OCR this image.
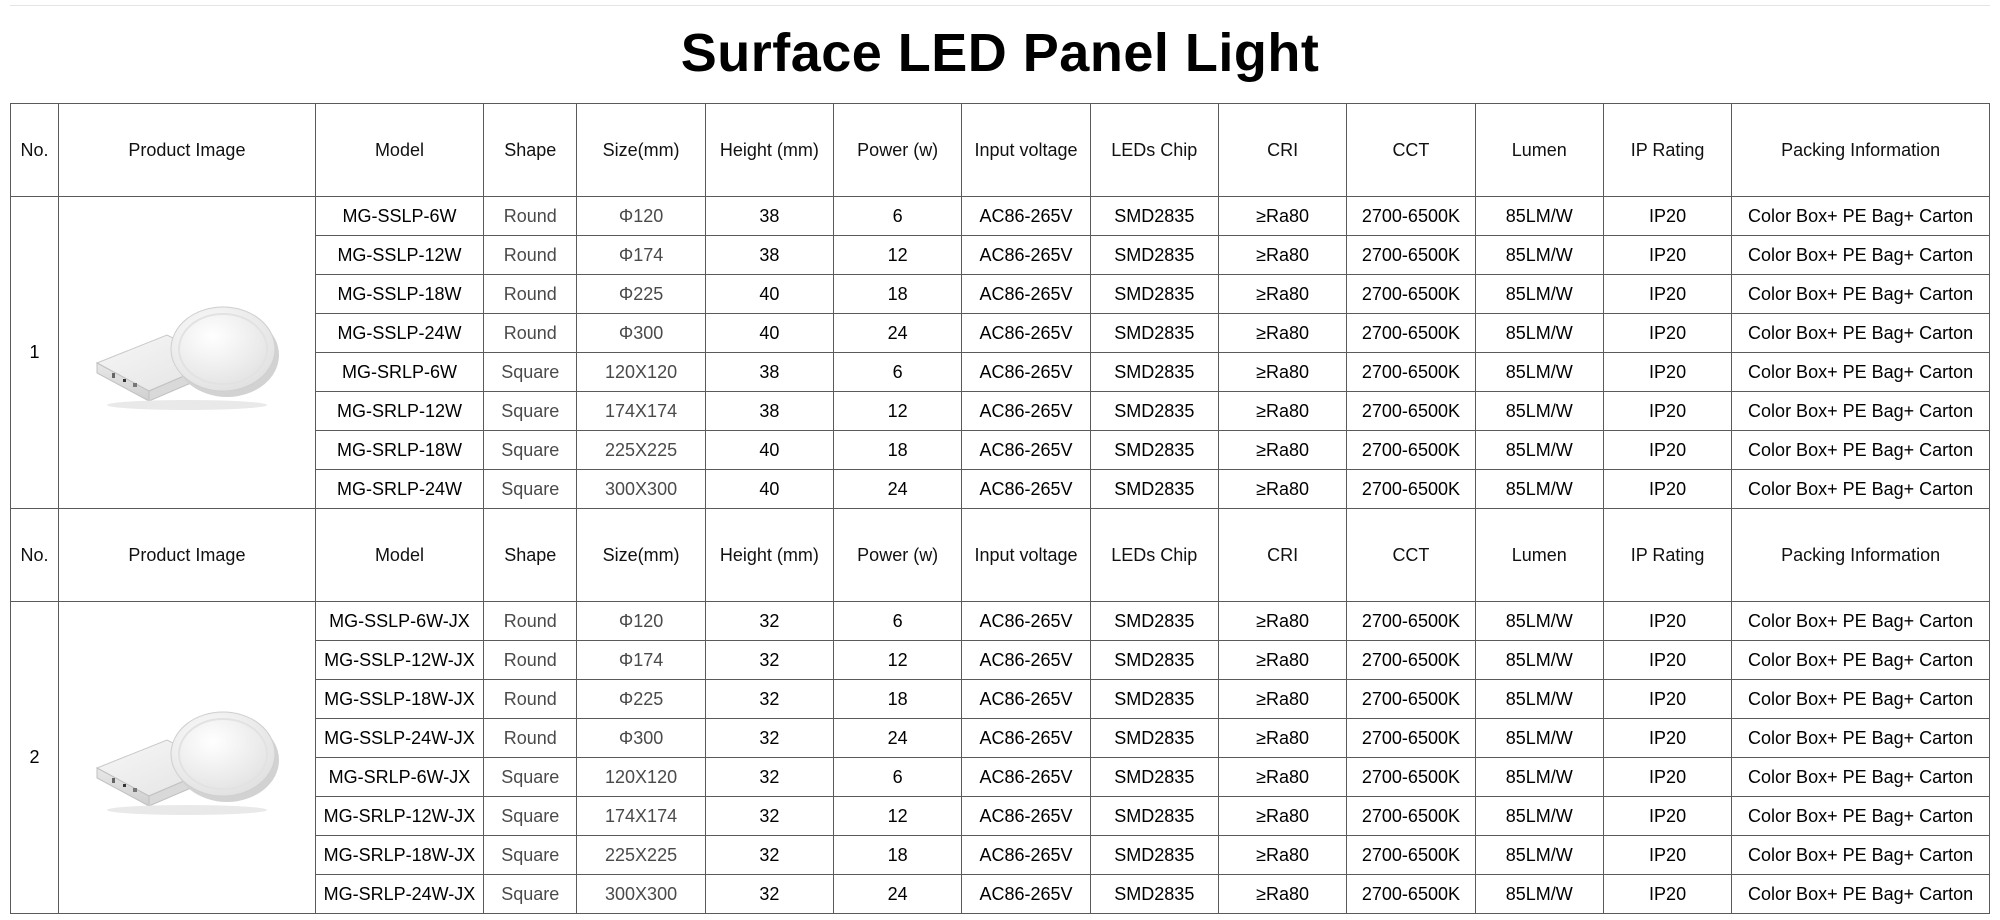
Surface LED Panel Light
No.	Product Image	Model	Shape	Size(mm)	Height (mm)	Power (w)	Input voltage	LEDs Chip	CRI	CCT	Lumen	IP Rating	Packing Information
1		MG-SSLP-6W	Round	Φ120	38	6	AC86-265V	SMD2835	≥Ra80	2700-6500K	85LM/W	IP20	Color Box+ PE Bag+ Carton
		MG-SSLP-12W	Round	Φ174	38	12	AC86-265V	SMD2835	≥Ra80	2700-6500K	85LM/W	IP20	Color Box+ PE Bag+ Carton
		MG-SSLP-18W	Round	Φ225	40	18	AC86-265V	SMD2835	≥Ra80	2700-6500K	85LM/W	IP20	Color Box+ PE Bag+ Carton
		MG-SSLP-24W	Round	Φ300	40	24	AC86-265V	SMD2835	≥Ra80	2700-6500K	85LM/W	IP20	Color Box+ PE Bag+ Carton
		MG-SRLP-6W	Square	120X120	38	6	AC86-265V	SMD2835	≥Ra80	2700-6500K	85LM/W	IP20	Color Box+ PE Bag+ Carton
		MG-SRLP-12W	Square	174X174	38	12	AC86-265V	SMD2835	≥Ra80	2700-6500K	85LM/W	IP20	Color Box+ PE Bag+ Carton
		MG-SRLP-18W	Square	225X225	40	18	AC86-265V	SMD2835	≥Ra80	2700-6500K	85LM/W	IP20	Color Box+ PE Bag+ Carton
		MG-SRLP-24W	Square	300X300	40	24	AC86-265V	SMD2835	≥Ra80	2700-6500K	85LM/W	IP20	Color Box+ PE Bag+ Carton
No.	Product Image	Model	Shape	Size(mm)	Height (mm)	Power (w)	Input voltage	LEDs Chip	CRI	CCT	Lumen	IP Rating	Packing Information
2		MG-SSLP-6W-JX	Round	Φ120	32	6	AC86-265V	SMD2835	≥Ra80	2700-6500K	85LM/W	IP20	Color Box+ PE Bag+ Carton
		MG-SSLP-12W-JX	Round	Φ174	32	12	AC86-265V	SMD2835	≥Ra80	2700-6500K	85LM/W	IP20	Color Box+ PE Bag+ Carton
		MG-SSLP-18W-JX	Round	Φ225	32	18	AC86-265V	SMD2835	≥Ra80	2700-6500K	85LM/W	IP20	Color Box+ PE Bag+ Carton
		MG-SSLP-24W-JX	Round	Φ300	32	24	AC86-265V	SMD2835	≥Ra80	2700-6500K	85LM/W	IP20	Color Box+ PE Bag+ Carton
		MG-SRLP-6W-JX	Square	120X120	32	6	AC86-265V	SMD2835	≥Ra80	2700-6500K	85LM/W	IP20	Color Box+ PE Bag+ Carton
		MG-SRLP-12W-JX	Square	174X174	32	12	AC86-265V	SMD2835	≥Ra80	2700-6500K	85LM/W	IP20	Color Box+ PE Bag+ Carton
		MG-SRLP-18W-JX	Square	225X225	32	18	AC86-265V	SMD2835	≥Ra80	2700-6500K	85LM/W	IP20	Color Box+ PE Bag+ Carton
		MG-SRLP-24W-JX	Square	300X300	32	24	AC86-265V	SMD2835	≥Ra80	2700-6500K	85LM/W	IP20	Color Box+ PE Bag+ Carton
